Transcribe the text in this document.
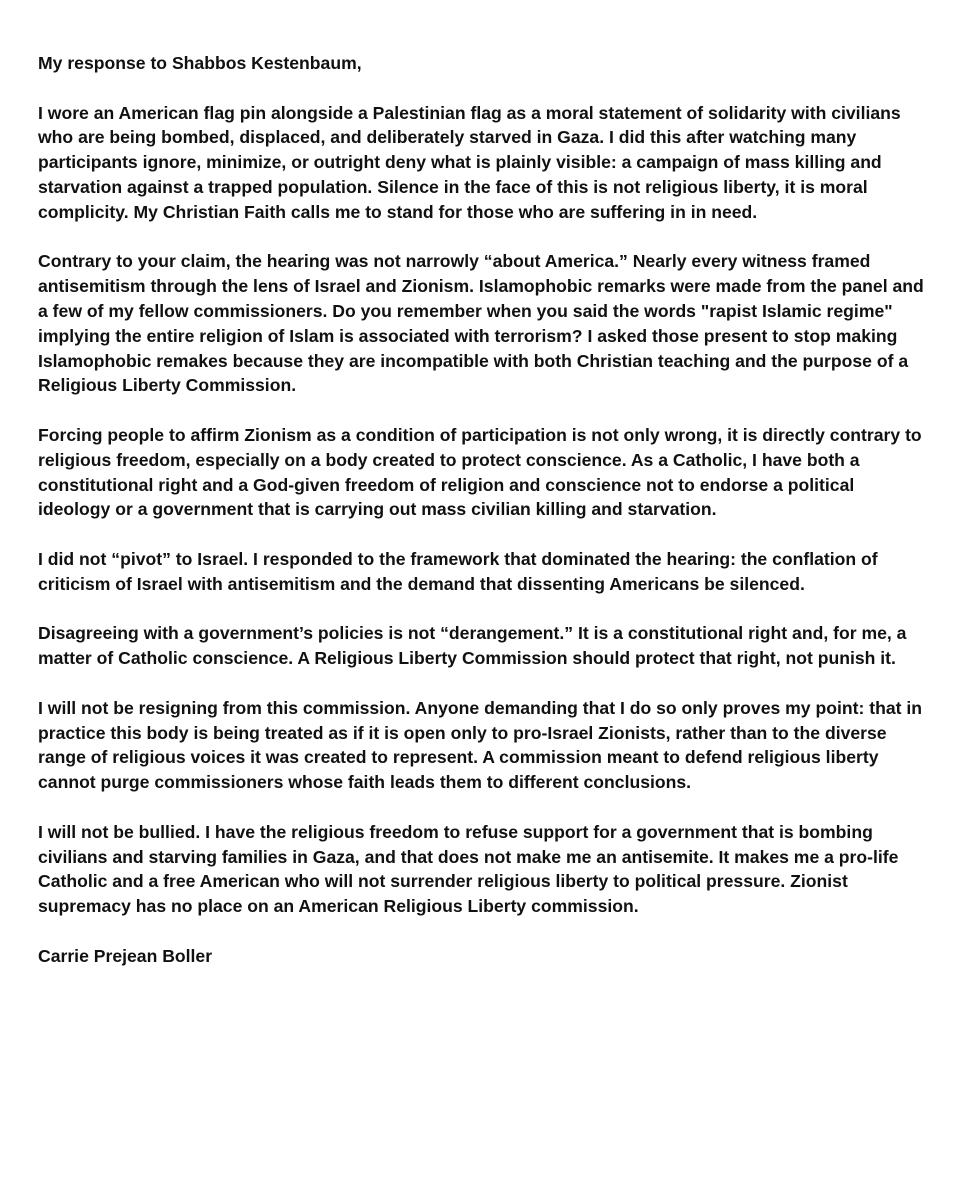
My response to Shabbos Kestenbaum,

I wore an American flag pin alongside a Palestinian flag as a moral statement of solidarity with civilians who are being bombed, displaced, and deliberately starved in Gaza. I did this after watching many participants ignore, minimize, or outright deny what is plainly visible: a campaign of mass killing and starvation against a trapped population. Silence in the face of this is not religious liberty, it is moral complicity. My Christian Faith calls me to stand for those who are suffering in in need.

Contrary to your claim, the hearing was not narrowly “about America.” Nearly every witness framed antisemitism through the lens of Israel and Zionism. Islamophobic remarks were made from the panel and a few of my fellow commissioners. Do you remember when you said the words "rapist Islamic regime" implying the entire religion of Islam is associated with terrorism? I asked those present to stop making Islamophobic remakes because they are incompatible with both Christian teaching and the purpose of a Religious Liberty Commission.

Forcing people to affirm Zionism as a condition of participation is not only wrong, it is directly contrary to religious freedom, especially on a body created to protect conscience. As a Catholic, I have both a constitutional right and a God-given freedom of religion and conscience not to endorse a political ideology or a government that is carrying out mass civilian killing and starvation.

I did not “pivot” to Israel. I responded to the framework that dominated the hearing: the conflation of criticism of Israel with antisemitism and the demand that dissenting Americans be silenced.

Disagreeing with a government’s policies is not “derangement.” It is a constitutional right and, for me, a matter of Catholic conscience. A Religious Liberty Commission should protect that right, not punish it.

I will not be resigning from this commission. Anyone demanding that I do so only proves my point: that in practice this body is being treated as if it is open only to pro-Israel Zionists, rather than to the diverse range of religious voices it was created to represent. A commission meant to defend religious liberty cannot purge commissioners whose faith leads them to different conclusions.

I will not be bullied. I have the religious freedom to refuse support for a government that is bombing civilians and starving families in Gaza, and that does not make me an antisemite. It makes me a pro-life Catholic and a free American who will not surrender religious liberty to political pressure. Zionist supremacy has no place on an American Religious Liberty commission.

Carrie Prejean Boller
